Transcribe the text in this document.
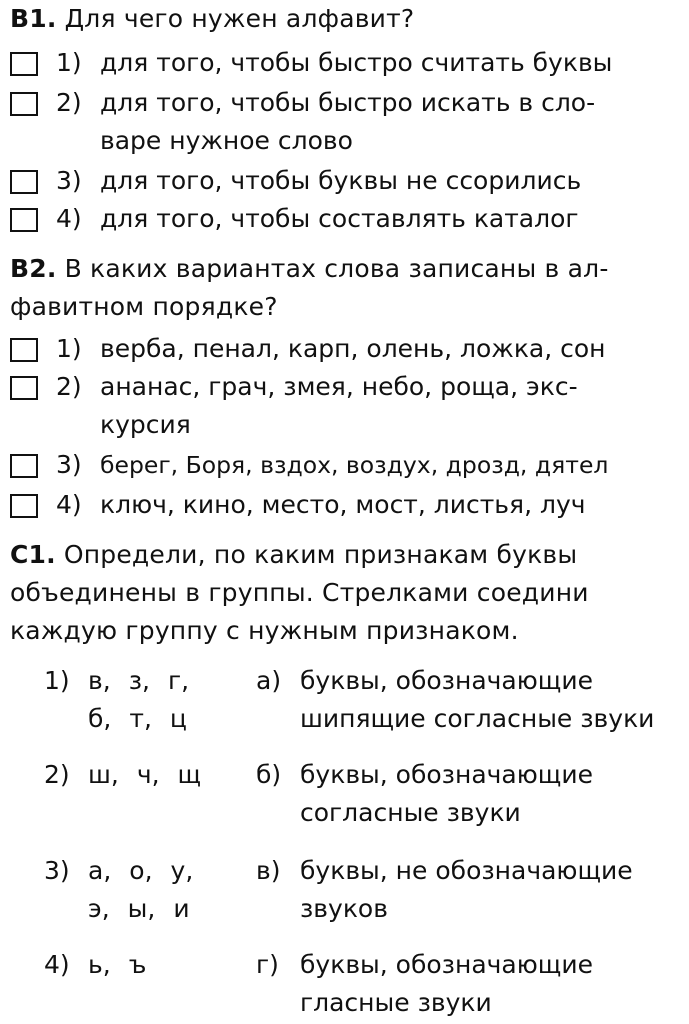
В1. Для чего нужен алфавит?
1) для того, чтобы быстро считать буквы
2) для того, чтобы быстро искать в сло-
варе нужное слово
3) для того, чтобы буквы не ссорились
4) для того, чтобы составлять каталог
В2. В каких вариантах слова записаны в ал-
фавитном порядке?
1) верба, пенал, карп, олень, ложка, сон
2) ананас, грач, змея, небо, роща, экс-
курсия
3) берег, Боря, вздох, воздух, дрозд, дятел
4) ключ, кино, место, мост, листья, луч
С1. Определи, по каким признакам буквы
объединены в группы. Стрелками соедини
каждую группу с нужным признаком.
1) в, з, г,
б, т, ц
2) ш, ч, щ
3) а, о, у,
э, ы, и
4) ь, ъ
а) буквы, обозначающие
шипящие согласные звуки
б) буквы, обозначающие
согласные звуки
в) буквы, не обозначающие
звуков
г) буквы, обозначающие
гласные звуки
